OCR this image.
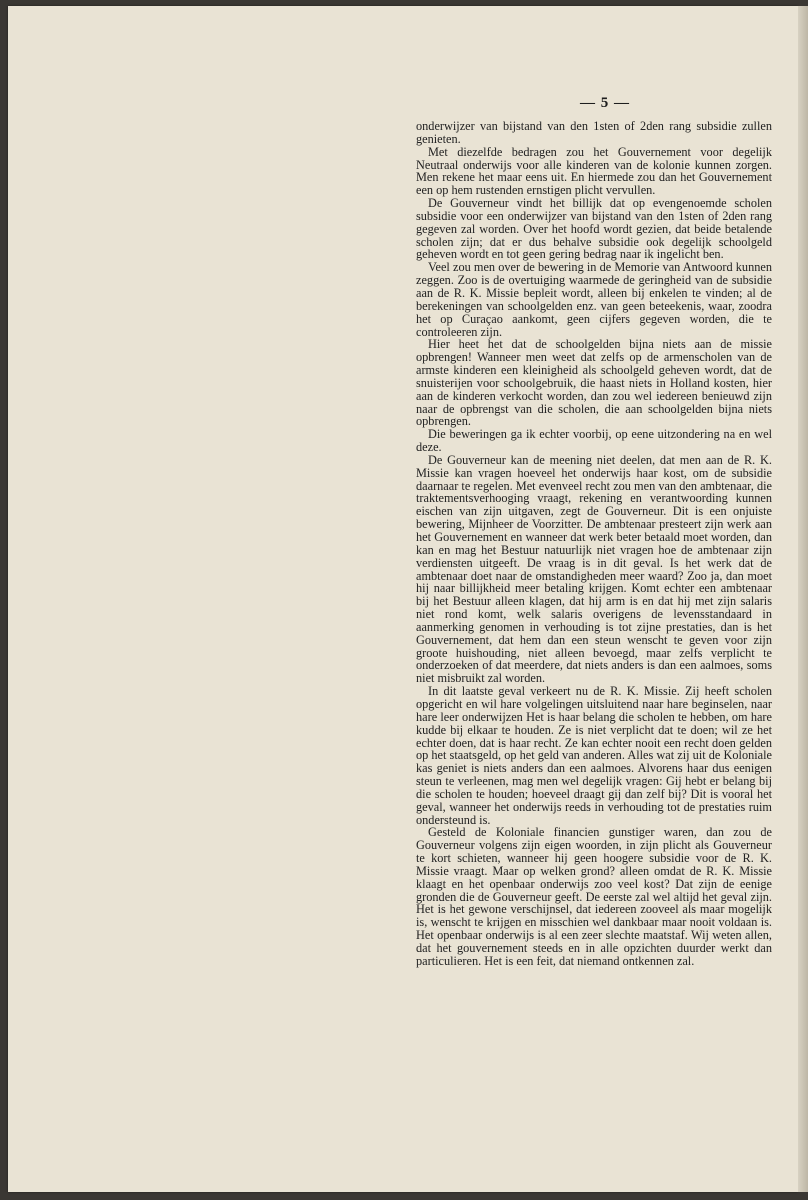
— 5 —

onderwijzer van bijstand van den 1sten of 2den rang subsidie zullen genieten.

Met diezelfde bedragen zou het Gouvernement voor degelijk Neutraal onderwijs voor alle kinderen van de kolonie kunnen zorgen. Men rekene het maar eens uit. En hiermede zou dan het Gouvernement een op hem rustenden ernstigen plicht vervullen.

De Gouverneur vindt het billijk dat op evengenoemde scholen subsidie voor een onderwijzer van bijstand van den 1sten of 2den rang gegeven zal worden. Over het hoofd wordt gezien, dat beide betalende scholen zijn; dat er dus behalve subsidie ook degelijk schoolgeld geheven wordt en tot geen gering bedrag naar ik ingelicht ben.

Veel zou men over de bewering in de Memorie van Antwoord kunnen zeggen. Zoo is de overtuiging waarmede de geringheid van de subsidie aan de R. K. Missie bepleit wordt, alleen bij enkelen te vinden; al de berekeningen van schoolgelden enz. van geen beteekenis, waar, zoodra het op Curaçao aankomt, geen cijfers gegeven worden, die te controleeren zijn.

Hier heet het dat de schoolgelden bijna niets aan de missie opbrengen! Wanneer men weet dat zelfs op de armenscholen van de armste kinderen een kleinigheid als schoolgeld geheven wordt, dat de snuisterijen voor schoolgebruik, die haast niets in Holland kosten, hier aan de kinderen verkocht worden, dan zou wel iedereen benieuwd zijn naar de opbrengst van die scholen, die aan schoolgelden bijna niets opbrengen.

Die beweringen ga ik echter voorbij, op eene uitzondering na en wel deze.

De Gouverneur kan de meening niet deelen, dat men aan de R. K. Missie kan vragen hoeveel het onderwijs haar kost, om de subsidie daarnaar te regelen. Met evenveel recht zou men van den ambtenaar, die traktementsverhooging vraagt, rekening en verantwoording kunnen eischen van zijn uitgaven, zegt de Gouverneur. Dit is een onjuiste bewering, Mijnheer de Voorzitter. De ambtenaar presteert zijn werk aan het Gouvernement en wanneer dat werk beter betaald moet worden, dan kan en mag het Bestuur natuurlijk niet vragen hoe de ambtenaar zijn verdiensten uitgeeft. De vraag is in dit geval. Is het werk dat de ambtenaar doet naar de omstandigheden meer waard? Zoo ja, dan moet hij naar billijkheid meer betaling krijgen. Komt echter een ambtenaar bij het Bestuur alleen klagen, dat hij arm is en dat hij met zijn salaris niet rond komt, welk salaris overigens de levensstandaard in aanmerking genomen in verhouding is tot zijne prestaties, dan is het Gouvernement, dat hem dan een steun wenscht te geven voor zijn groote huishouding, niet alleen bevoegd, maar zelfs verplicht te onderzoeken of dat meerdere, dat niets anders is dan een aalmoes, soms niet misbruikt zal worden.

In dit laatste geval verkeert nu de R. K. Missie. Zij heeft scholen opgericht en wil hare volgelingen uitsluitend naar hare beginselen, naar hare leer onderwijzen Het is haar belang die scholen te hebben, om hare kudde bij elkaar te houden. Ze is niet verplicht dat te doen; wil ze het echter doen, dat is haar recht. Ze kan echter nooit een recht doen gelden op het staatsgeld, op het geld van anderen. Alles wat zij uit de Koloniale kas geniet is niets anders dan een aalmoes. Alvorens haar dus eenigen steun te verleenen, mag men wel degelijk vragen: Gij hebt er belang bij die scholen te houden; hoeveel draagt gij dan zelf bij? Dit is vooral het geval, wanneer het onderwijs reeds in verhouding tot de prestaties ruim ondersteund is.

Gesteld de Koloniale financien gunstiger waren, dan zou de Gouverneur volgens zijn eigen woorden, in zijn plicht als Gouverneur te kort schieten, wanneer hij geen hoogere subsidie voor de R. K. Missie vraagt. Maar op welken grond? alleen omdat de R. K. Missie klaagt en het openbaar onderwijs zoo veel kost? Dat zijn de eenige gronden die de Gouverneur geeft. De eerste zal wel altijd het geval zijn. Het is het gewone verschijnsel, dat iedereen zooveel als maar mogelijk is, wenscht te krijgen en misschien wel dankbaar maar nooit voldaan is. Het openbaar onderwijs is al een zeer slechte maatstaf. Wij weten allen, dat het gouvernement steeds en in alle opzichten duurder werkt dan particulieren. Het is een feit, dat niemand ontkennen zal.
